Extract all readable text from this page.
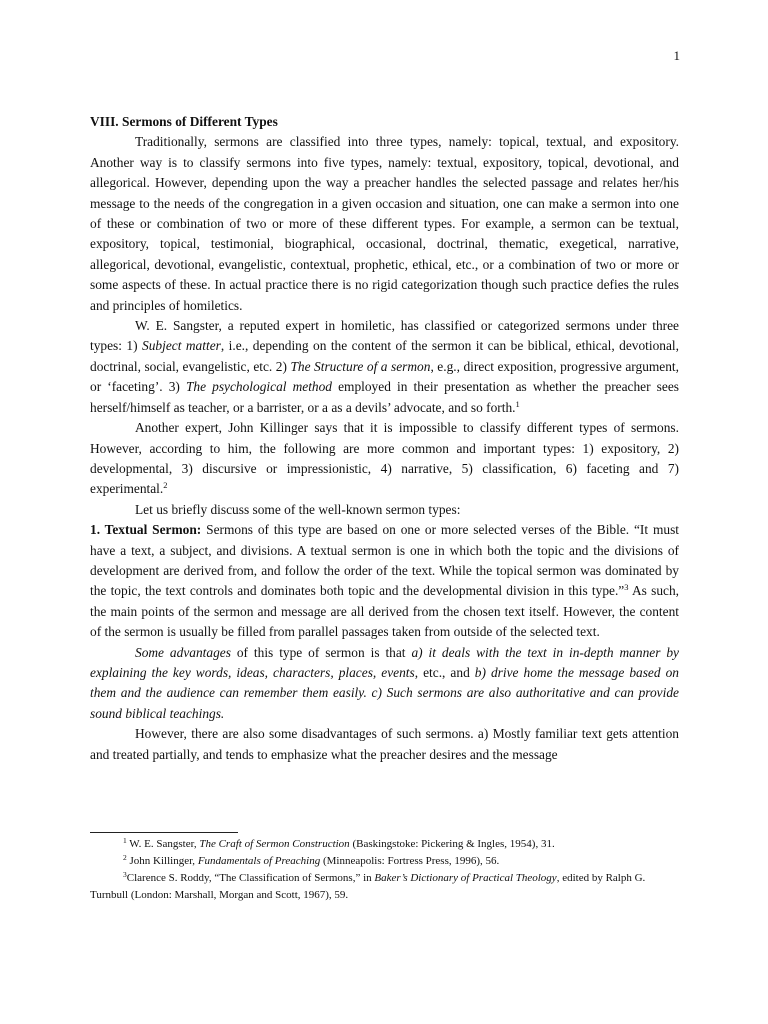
1

VIII. Sermons of Different Types

Traditionally, sermons are classified into three types, namely: topical, textual, and expository. Another way is to classify sermons into five types, namely: textual, expository, topical, devotional, and allegorical. However, depending upon the way a preacher handles the selected passage and relates her/his message to the needs of the congregation in a given occasion and situation, one can make a sermon into one of these or combination of two or more of these different types. For example, a sermon can be textual, expository, topical, testimonial, biographical, occasional, doctrinal, thematic, exegetical, narrative, allegorical, devotional, evangelistic, contextual, prophetic, ethical, etc., or a combination of two or more or some aspects of these. In actual practice there is no rigid categorization though such practice defies the rules and principles of homiletics.

W. E. Sangster, a reputed expert in homiletic, has classified or categorized sermons under three types: 1) Subject matter, i.e., depending on the content of the sermon it can be biblical, ethical, devotional, doctrinal, social, evangelistic, etc. 2) The Structure of a sermon, e.g., direct exposition, progressive argument, or ‘faceting’. 3) The psychological method employed in their presentation as whether the preacher sees herself/himself as teacher, or a barrister, or a as a devils’ advocate, and so forth.$^1$

Another expert, John Killinger says that it is impossible to classify different types of sermons. However, according to him, the following are more common and important types: 1) expository, 2) developmental, 3) discursive or impressionistic, 4) narrative, 5) classification, 6) faceting and 7) experimental.$^2$

Let us briefly discuss some of the well-known sermon types:

1. Textual Sermon: Sermons of this type are based on one or more selected verses of the Bible. “It must have a text, a subject, and divisions. A textual sermon is one in which both the topic and the divisions of development are derived from, and follow the order of the text. While the topical sermon was dominated by the topic, the text controls and dominates both topic and the developmental division in this type.”$^3$ As such, the main points of the sermon and message are all derived from the chosen text itself. However, the content of the sermon is usually be filled from parallel passages taken from outside of the selected text.

Some advantages of this type of sermon is that a) it deals with the text in in-depth manner by explaining the key words, ideas, characters, places, events, etc., and b) drive home the message based on them and the audience can remember them easily. c) Such sermons are also authoritative and can provide sound biblical teachings.

However, there are also some disadvantages of such sermons. a) Mostly familiar text gets attention and treated partially, and tends to emphasize what the preacher desires and the message

$^1$ W. E. Sangster, The Craft of Sermon Construction (Baskingstoke: Pickering & Ingles, 1954), 31.

$^2$ John Killinger, Fundamentals of Preaching (Minneapolis: Fortress Press, 1996), 56.

$^3$Clarence S. Roddy, “The Classification of Sermons,” in Baker’s Dictionary of Practical Theology, edited by Ralph G. Turnbull (London: Marshall, Morgan and Scott, 1967), 59.
